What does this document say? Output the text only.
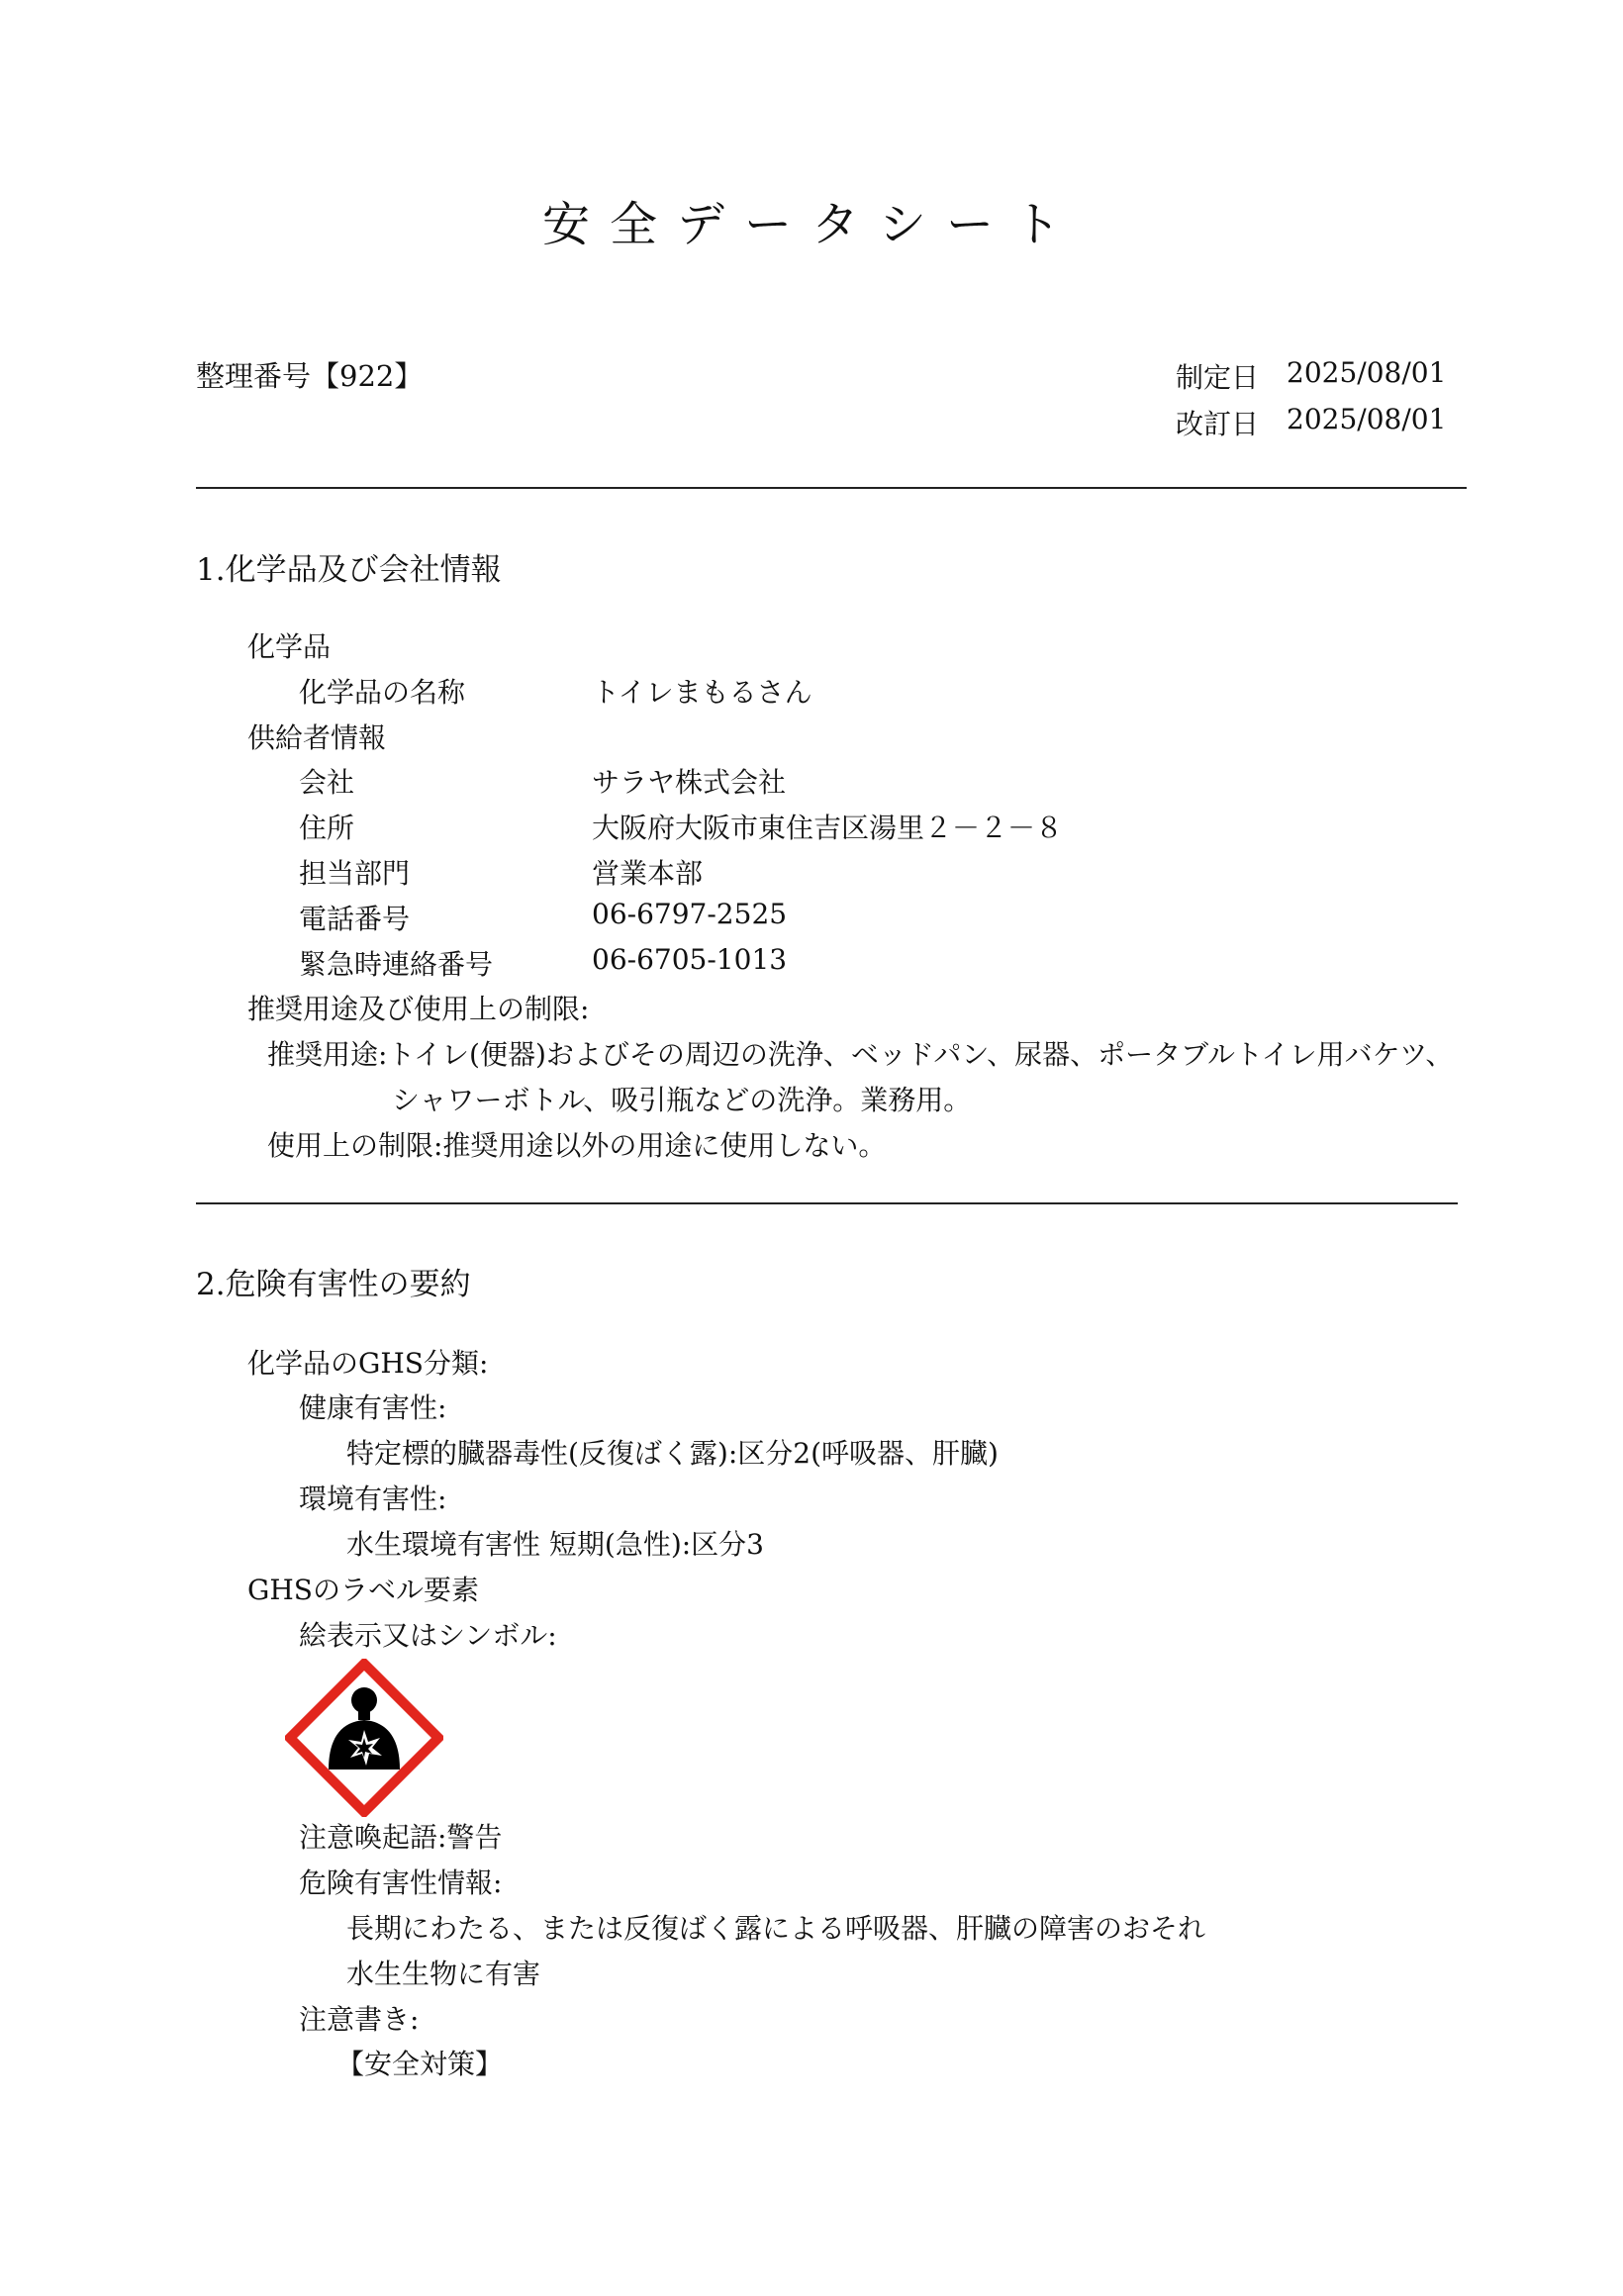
安全データシート
整理番号【922】	制定日 2025/08/01
改訂日 2025/08/01
1.化学品及び会社情報
化学品
化学品の名称	トイレまもるさん
供給者情報
会社	サラヤ株式会社
住所	大阪府大阪市東住吉区湯里２－２－８
担当部門	営業本部
電話番号	06-6797-2525
緊急時連絡番号	06-6705-1013
推奨用途及び使用上の制限:
推奨用途:トイレ(便器)およびその周辺の洗浄、ベッドパン、尿器、ポータブルトイレ用バケツ、
シャワーボトル、吸引瓶などの洗浄。業務用。
使用上の制限:推奨用途以外の用途に使用しない。
2.危険有害性の要約
化学品のGHS分類:
健康有害性:
特定標的臓器毒性(反復ばく露):区分2(呼吸器、肝臓)
環境有害性:
水生環境有害性 短期(急性):区分3
GHSのラベル要素
絵表示又はシンボル:
注意喚起語:警告
危険有害性情報:
長期にわたる、または反復ばく露による呼吸器、肝臓の障害のおそれ
水生生物に有害
注意書き:
【安全対策】
